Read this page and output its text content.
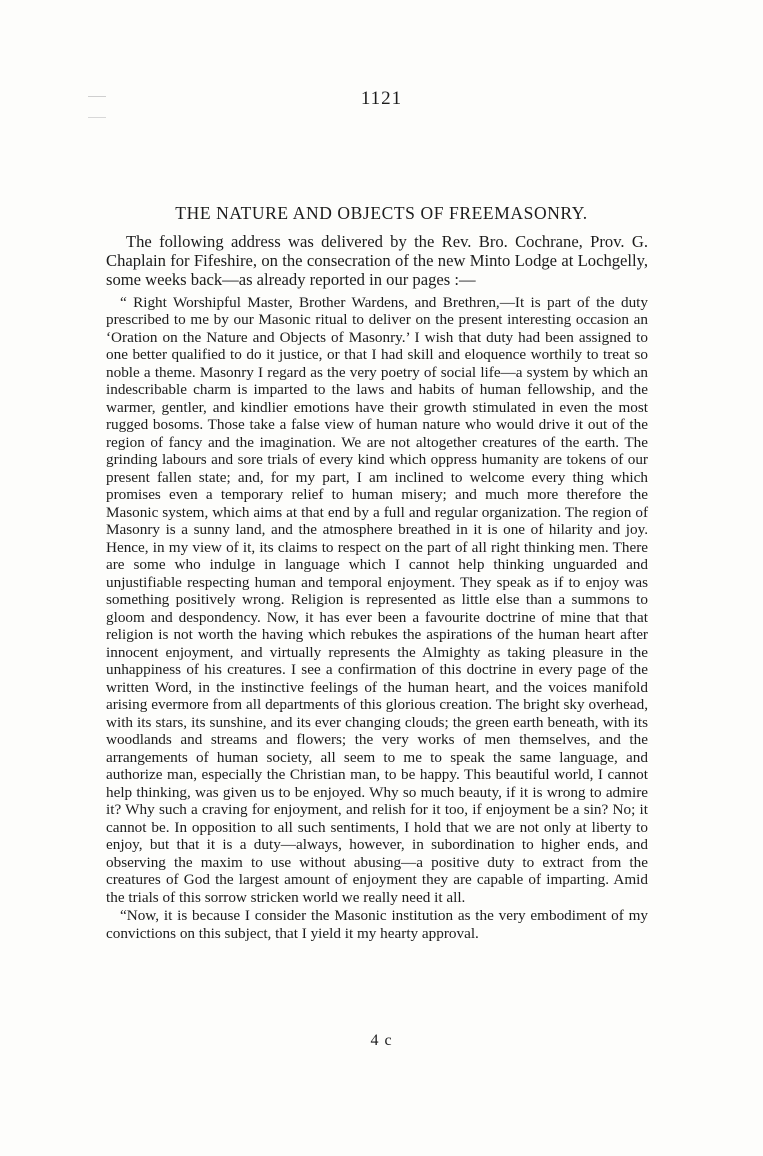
1121
THE NATURE AND OBJECTS OF FREEMASONRY.

The following address was delivered by the Rev. Bro. Cochrane, Prov. G. Chaplain for Fifeshire, on the consecration of the new Minto Lodge at Lochgelly, some weeks back—as already reported in our pages :—

“ Right Worshipful Master, Brother Wardens, and Brethren,—It is part of the duty prescribed to me by our Masonic ritual to deliver on the present interesting occasion an ‘Oration on the Nature and Objects of Masonry.’ I wish that duty had been assigned to one better qualified to do it justice, or that I had skill and eloquence worthily to treat so noble a theme. Masonry I regard as the very poetry of social life—a system by which an indescribable charm is imparted to the laws and habits of human fellowship, and the warmer, gentler, and kindlier emotions have their growth stimulated in even the most rugged bosoms. Those take a false view of human nature who would drive it out of the region of fancy and the imagination. We are not altogether creatures of the earth. The grinding labours and sore trials of every kind which oppress humanity are tokens of our present fallen state; and, for my part, I am inclined to welcome every thing which promises even a temporary relief to human misery; and much more therefore the Masonic system, which aims at that end by a full and regular organization. The region of Masonry is a sunny land, and the atmosphere breathed in it is one of hilarity and joy. Hence, in my view of it, its claims to respect on the part of all right thinking men. There are some who indulge in language which I cannot help thinking unguarded and unjustifiable respecting human and temporal enjoyment. They speak as if to enjoy was something positively wrong. Religion is represented as little else than a summons to gloom and despondency. Now, it has ever been a favourite doctrine of mine that that religion is not worth the having which rebukes the aspirations of the human heart after innocent enjoyment, and virtually represents the Almighty as taking pleasure in the unhappiness of his creatures. I see a confirmation of this doctrine in every page of the written Word, in the instinctive feelings of the human heart, and the voices manifold arising evermore from all departments of this glorious creation. The bright sky overhead, with its stars, its sunshine, and its ever changing clouds; the green earth beneath, with its woodlands and streams and flowers; the very works of men themselves, and the arrangements of human society, all seem to me to speak the same language, and authorize man, especially the Christian man, to be happy. This beautiful world, I cannot help thinking, was given us to be enjoyed. Why so much beauty, if it is wrong to admire it? Why such a craving for enjoyment, and relish for it too, if enjoyment be a sin? No; it cannot be. In opposition to all such sentiments, I hold that we are not only at liberty to enjoy, but that it is a duty—always, however, in subordination to higher ends, and observing the maxim to use without abusing—a positive duty to extract from the creatures of God the largest amount of enjoyment they are capable of imparting. Amid the trials of this sorrow stricken world we really need it all.

“Now, it is because I consider the Masonic institution as the very embodiment of my convictions on this subject, that I yield it my hearty approval.

4 c
